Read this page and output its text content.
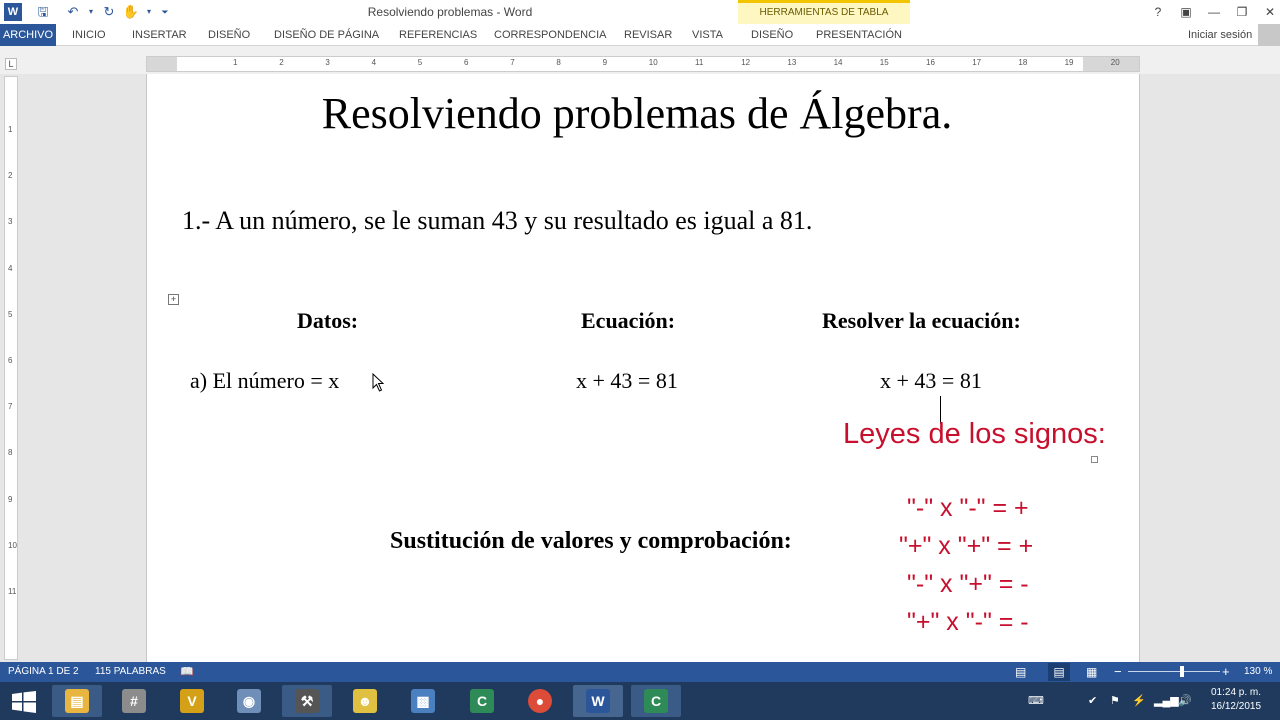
W 🖫 ↶	▾ ↻ ✋ ▾	⏷	Resolviendo problemas - Word	HERRAMIENTAS DE TABLA	?	▣	—	❐	✕
ARCHIVO INICIO INSERTAR DISEÑO DISEÑO DE PÁGINA REFERENCIAS CORRESPONDENCIA REVISAR VISTA	DISEÑO PRESENTACIÓN	Iniciar sesión
L	1	2	3	4	5	6	7	8	9	10	11	12	13	14	15	16	17	18	19	20
1
2
3
4
5
6
7
8
9
10
11
Resolviendo problemas de Álgebra.
1.- A un número, se le suman 43 y su resultado es igual a 81.
+
Datos:	Ecuación:	Resolver la ecuación:
a) El número = x	x + 43 = 81	x + 43 = 81
Leyes de los signos:
"-" x "-" = +
"+" x "+" = +
"-" x "+" = -
"+" x "-" = -
Sustitución de valores y comprobación:
PÁGINA 1 DE 2 115 PALABRAS 📖	▤	▤	▦ −	+ 130 %
▤	#	V	◉	⚒	☻	▩	C	●	W	C	⌨	✔ ⚑ ⚡ ▂▄▆ 🔊
01:24 p. m.
16/12/2015
